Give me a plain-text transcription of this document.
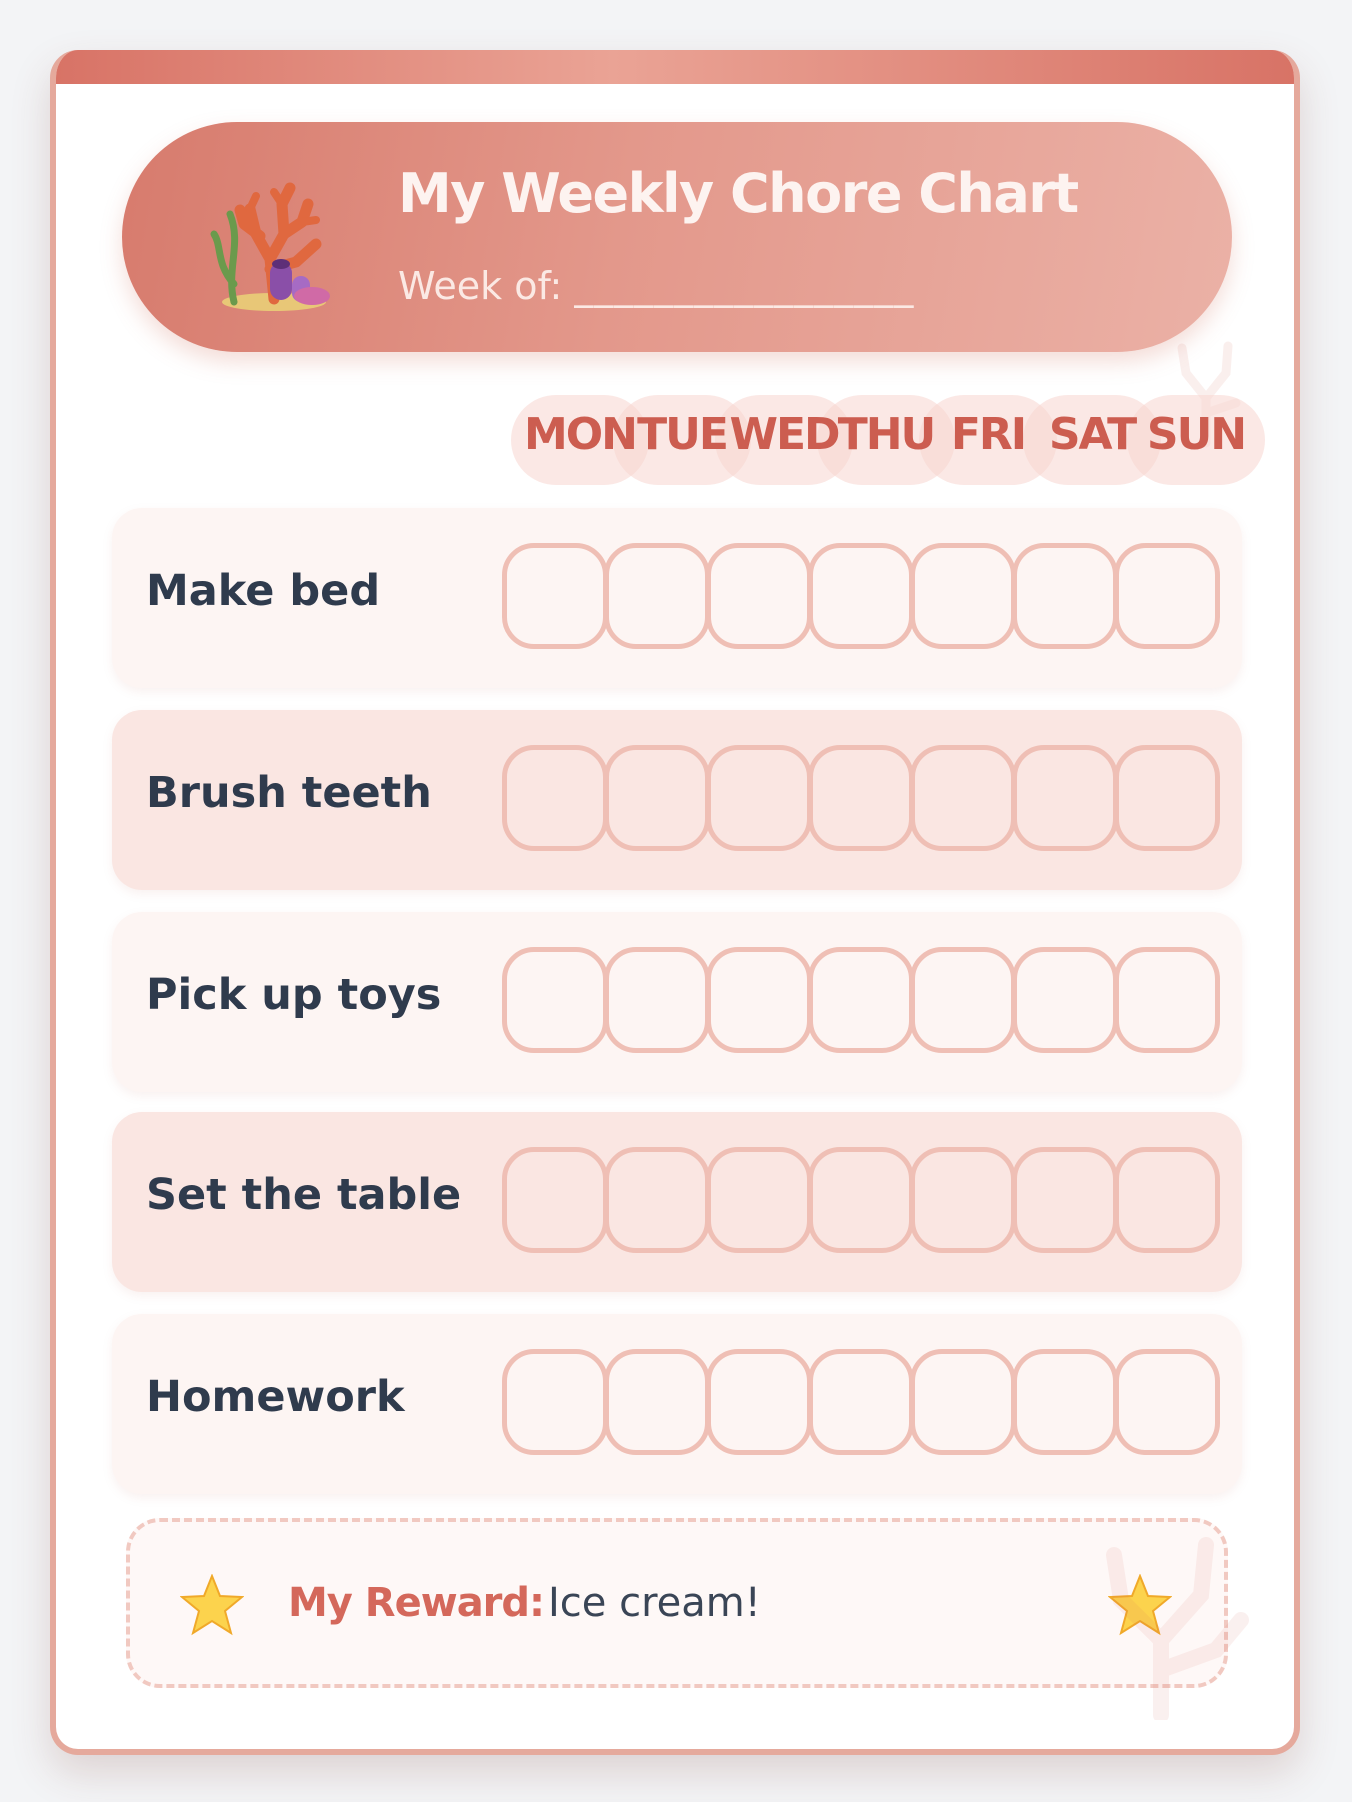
My Weekly Chore Chart
Week of: _________________
MON TUE WED THU FRI SAT SUN
Make bed
Brush teeth
Pick up toys
Set the table
Homework
My Reward: Ice cream!
